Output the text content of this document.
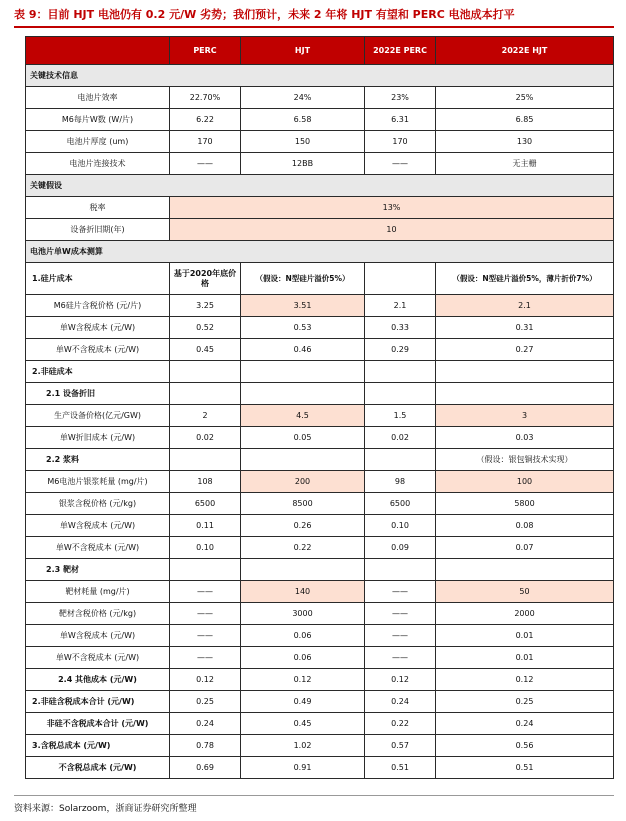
表 9：目前 HJT 电池仍有 0.2 元/W 劣势；我们预计，未来 2 年将 HJT 有望和 PERC 电池成本打平
	PERC	HJT	2022E PERC	2022E HJT
关键技术信息				
电池片效率	22.70%	24%	23%	25%
M6每片W数 (W/片)	6.22	6.58	6.31	6.85
电池片厚度 (um)	170	150	170	130
电池片连接技术	——	12BB	——	无主栅
关键假设				
税率	13%			
设备折旧期(年)	10			
电池片单W成本测算				
1.硅片成本	基于2020年底价格	（假设：N型硅片溢价5%）		（假设：N型硅片溢价5%，薄片折价7%）
M6硅片含税价格 (元/片)	3.25	3.51	2.1	2.1
单W含税成本 (元/W)	0.52	0.53	0.33	0.31
单W不含税成本 (元/W)	0.45	0.46	0.29	0.27
2.非硅成本				
2.1 设备折旧				
生产设备价格(亿元/GW)	2	4.5	1.5	3
单W折旧成本 (元/W)	0.02	0.05	0.02	0.03
2.2 浆料				（假设：银包铜技术实现）
M6电池片银浆耗量 (mg/片)	108	200	98	100
银浆含税价格 (元/kg)	6500	8500	6500	5800
单W含税成本 (元/W)	0.11	0.26	0.10	0.08
单W不含税成本 (元/W)	0.10	0.22	0.09	0.07
2.3 靶材				
靶材耗量 (mg/片)	——	140	——	50
靶材含税价格 (元/kg)	——	3000	——	2000
单W含税成本 (元/W)	——	0.06	——	0.01
单W不含税成本 (元/W)	——	0.06	——	0.01
2.4 其他成本 (元/W)	0.12	0.12	0.12	0.12
2.非硅含税成本合计 (元/W)	0.25	0.49	0.24	0.25
非硅不含税成本合计 (元/W)	0.24	0.45	0.22	0.24
3.含税总成本 (元/W)	0.78	1.02	0.57	0.56
不含税总成本 (元/W)	0.69	0.91	0.51	0.51
资料来源：Solarzoom，浙商证券研究所整理
